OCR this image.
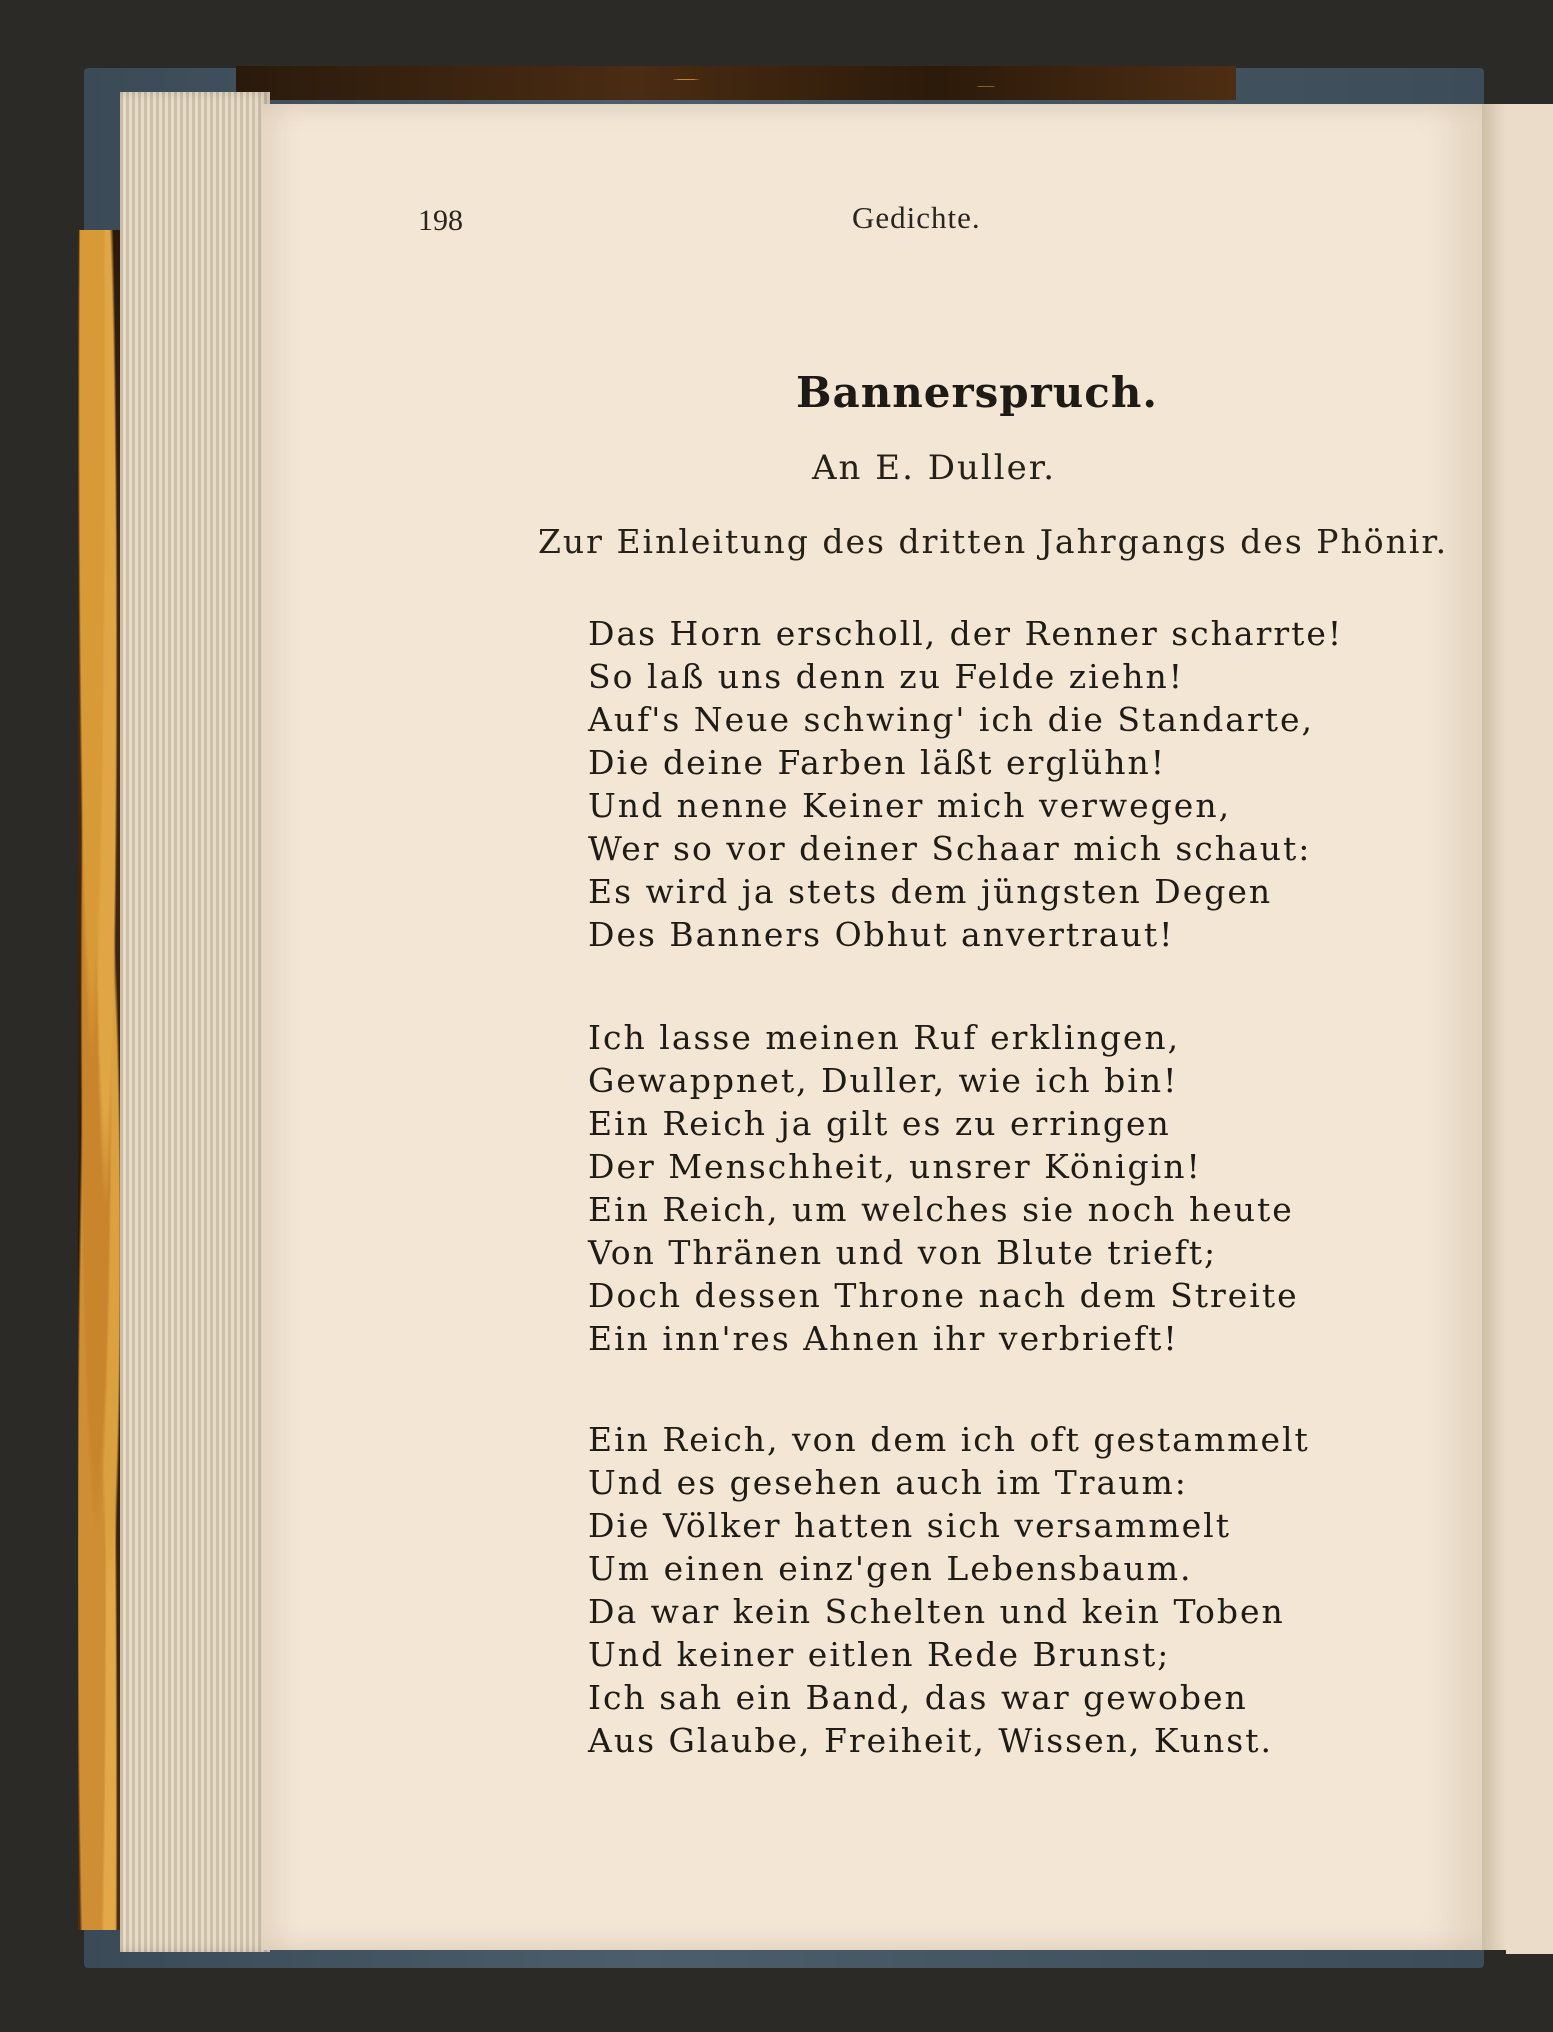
198	Gedichte.
Bannerspruch.
An E. Duller.
Zur Einleitung des dritten Jahrgangs des Phönir.
Das Horn erscholl, der Renner scharrte!
So laß uns denn zu Felde ziehn!
Auf's Neue schwing' ich die Standarte,
Die deine Farben läßt erglühn!
Und nenne Keiner mich verwegen,
Wer so vor deiner Schaar mich schaut:
Es wird ja stets dem jüngsten Degen
Des Banners Obhut anvertraut!
Ich lasse meinen Ruf erklingen,
Gewappnet, Duller, wie ich bin!
Ein Reich ja gilt es zu erringen
Der Menschheit, unsrer Königin!
Ein Reich, um welches sie noch heute
Von Thränen und von Blute trieft;
Doch dessen Throne nach dem Streite
Ein inn'res Ahnen ihr verbrieft!
Ein Reich, von dem ich oft gestammelt
Und es gesehen auch im Traum:
Die Völker hatten sich versammelt
Um einen einz'gen Lebensbaum.
Da war kein Schelten und kein Toben
Und keiner eitlen Rede Brunst;
Ich sah ein Band, das war gewoben
Aus Glaube, Freiheit, Wissen, Kunst.
